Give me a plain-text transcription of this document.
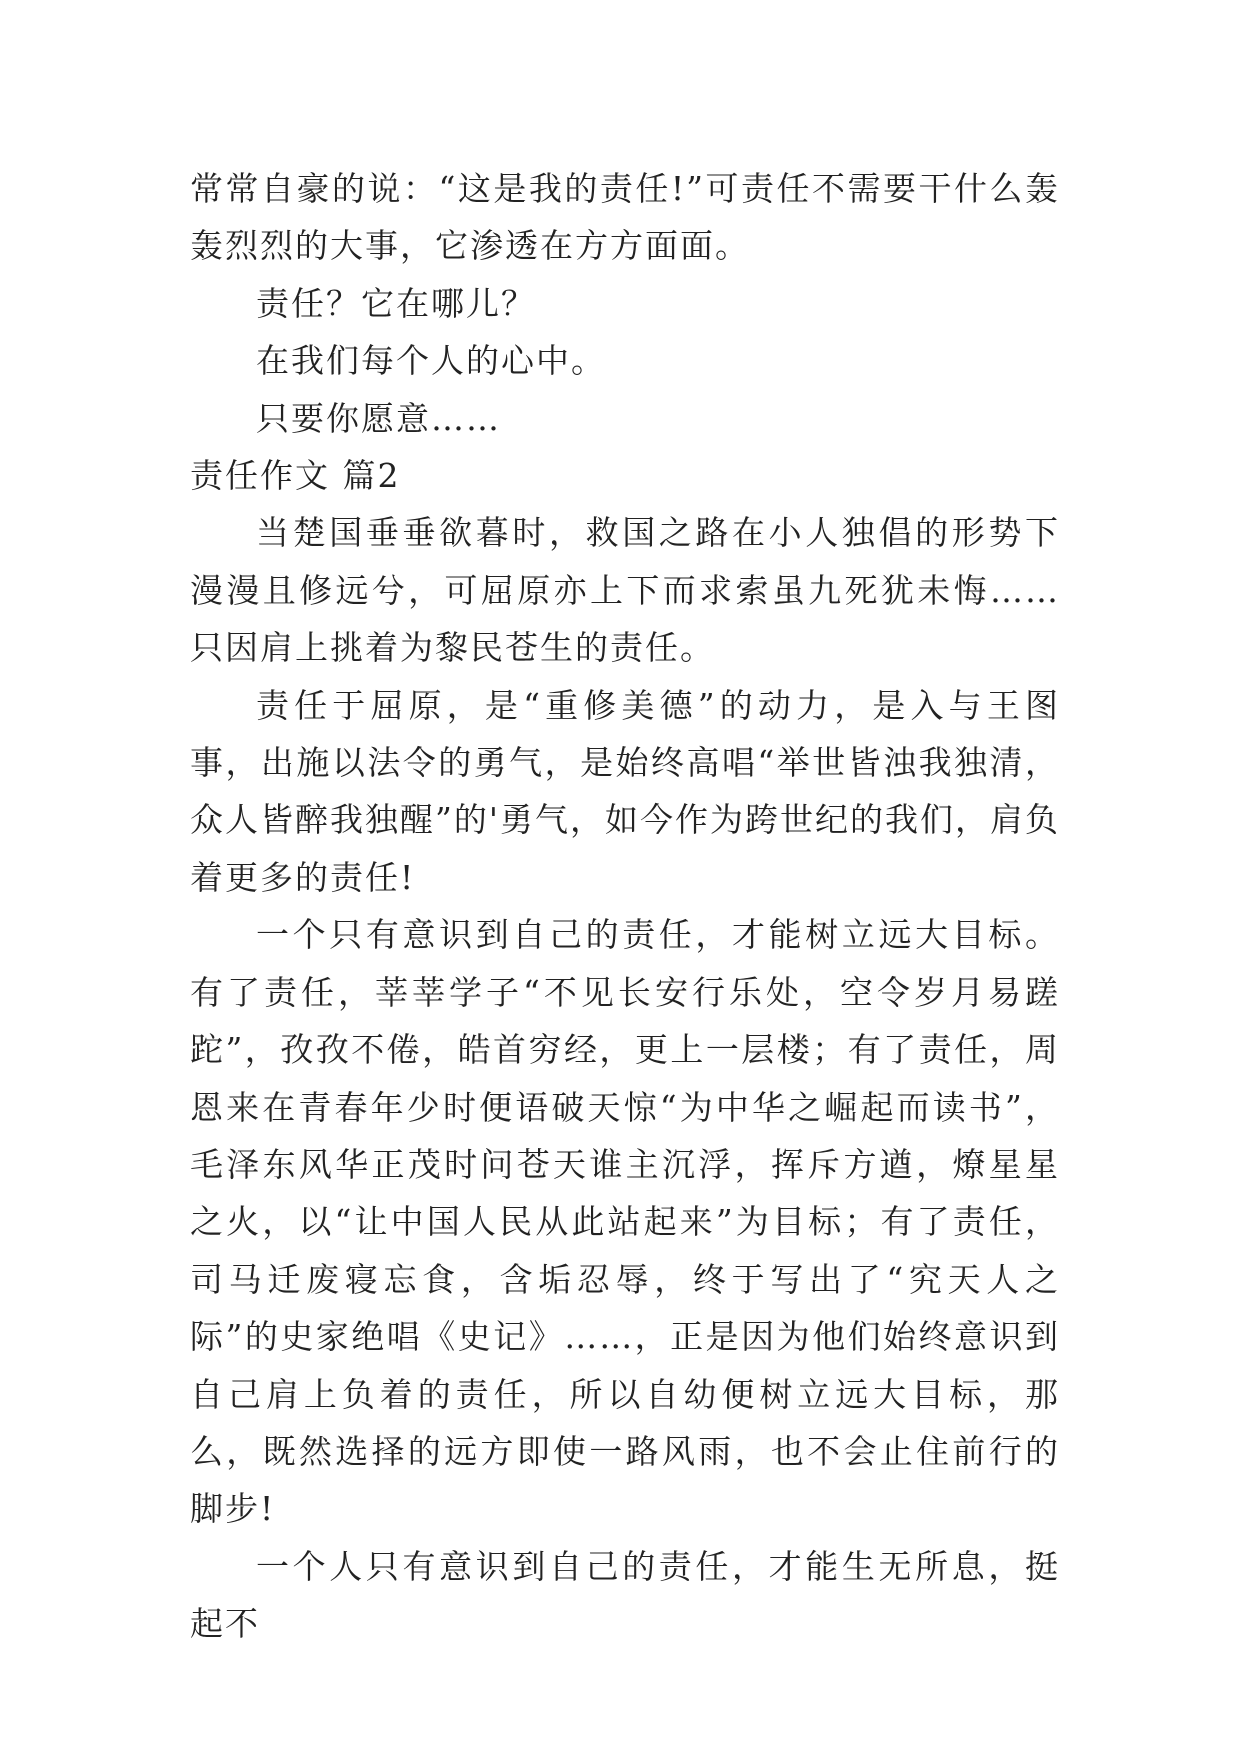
常常自豪的说：“这是我的责任!”可责任不需要干什么轰轰烈烈的大事，它渗透在方方面面。

责任？它在哪儿？

在我们每个人的心中。

只要你愿意……

责任作文 篇2

当楚国垂垂欲暮时，救国之路在小人独倡的形势下漫漫且修远兮，可屈原亦上下而求索虽九死犹未悔……只因肩上挑着为黎民苍生的责任。

责任于屈原，是“重修美德”的动力，是入与王图事，出施以法令的勇气，是始终高唱“举世皆浊我独清，众人皆醉我独醒”的'勇气，如今作为跨世纪的我们，肩负着更多的责任!

一个只有意识到自己的责任，才能树立远大目标。有了责任，莘莘学子“不见长安行乐处，空令岁月易蹉跎”，孜孜不倦，皓首穷经，更上一层楼；有了责任，周恩来在青春年少时便语破天惊“为中华之崛起而读书”，毛泽东风华正茂时问苍天谁主沉浮，挥斥方遒，燎星星之火，以“让中国人民从此站起来”为目标；有了责任，司马迁废寝忘食，含垢忍辱，终于写出了“究天人之际”的史家绝唱《史记》……，正是因为他们始终意识到自己肩上负着的责任，所以自幼便树立远大目标，那么，既然选择的远方即使一路风雨，也不会止住前行的脚步!

一个人只有意识到自己的责任，才能生无所息，挺起不
